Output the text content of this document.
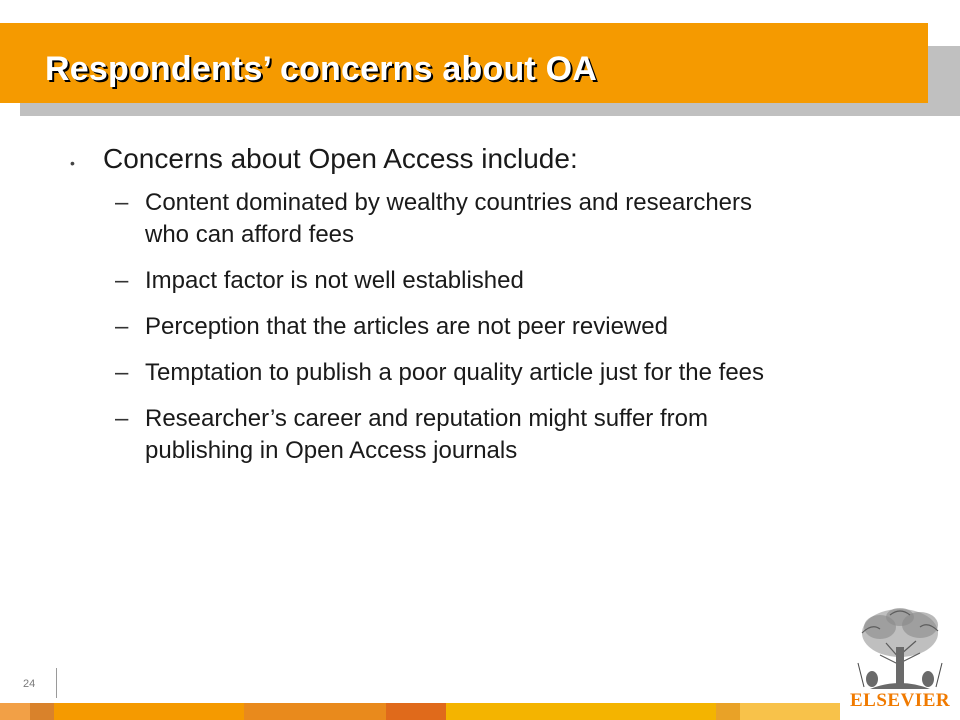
Respondents’ concerns about OA
•	Concerns about Open Access include:
– Content dominated by wealthy countries and researchers who can afford fees
– Impact factor is not well established
– Perception that the articles are not peer reviewed
– Temptation to publish a poor quality article just for the fees
– Researcher’s career and reputation might suffer from publishing in Open Access journals
24
ELSEVIER
